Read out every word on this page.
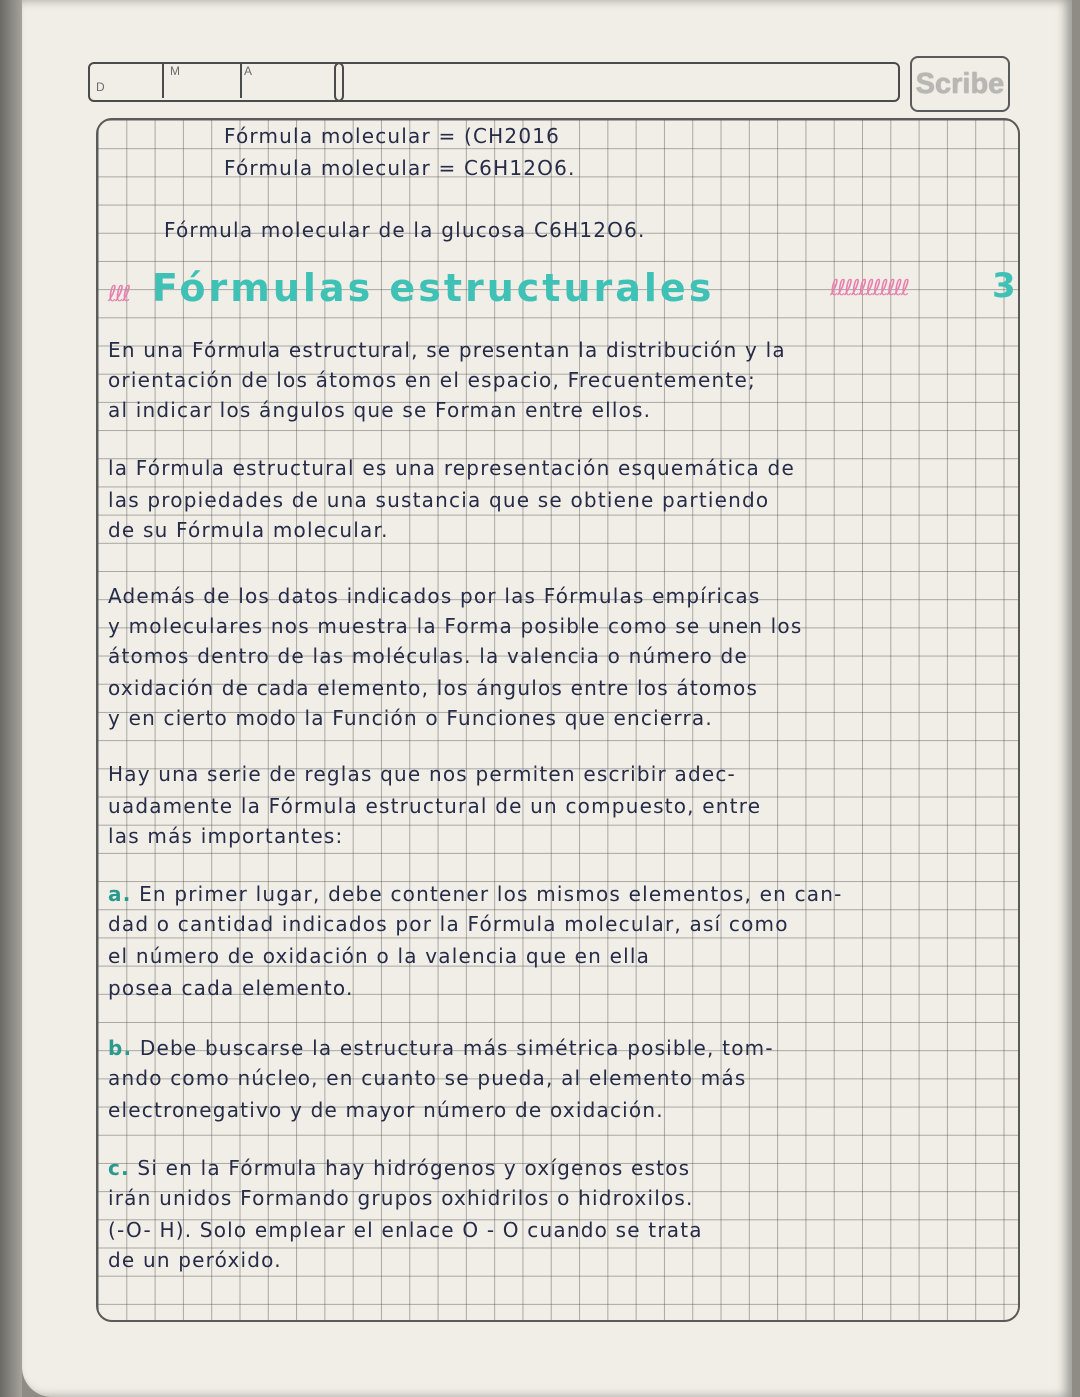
D
M	A	Scribe
Fórmula molecular = (CH2016
Fórmula molecular = C6H12O6.
Fórmula molecular de la glucosa C6H12O6.
ℓℓℓ Fórmulas estructurales	ℓℓℓℓℓℓℓℓℓℓℓ 3
En una Fórmula estructural, se presentan la distribución y la
orientación de los átomos en el espacio, Frecuentemente;
al indicar los ángulos que se Forman entre ellos.
la Fórmula estructural es una representación esquemática de
las propiedades de una sustancia que se obtiene partiendo
de su Fórmula molecular.
Además de los datos indicados por las Fórmulas empíricas
y moleculares nos muestra la Forma posible como se unen los
átomos dentro de las moléculas. la valencia o número de
oxidación de cada elemento, los ángulos entre los átomos
y en cierto modo la Función o Funciones que encierra.
Hay una serie de reglas que nos permiten escribir adec-
uadamente la Fórmula estructural de un compuesto, entre
las más importantes:
a. En primer lugar, debe contener los mismos elementos, en can-
dad o cantidad indicados por la Fórmula molecular, así como
el número de oxidación o la valencia que en ella
posea cada elemento.
b. Debe buscarse la estructura más simétrica posible, tom-
ando como núcleo, en cuanto se pueda, al elemento más
electronegativo y de mayor número de oxidación.
c. Si en la Fórmula hay hidrógenos y oxígenos estos
irán unidos Formando grupos oxhidrilos o hidroxilos.
(-O- H). Solo emplear el enlace O - O cuando se trata
de un peróxido.
